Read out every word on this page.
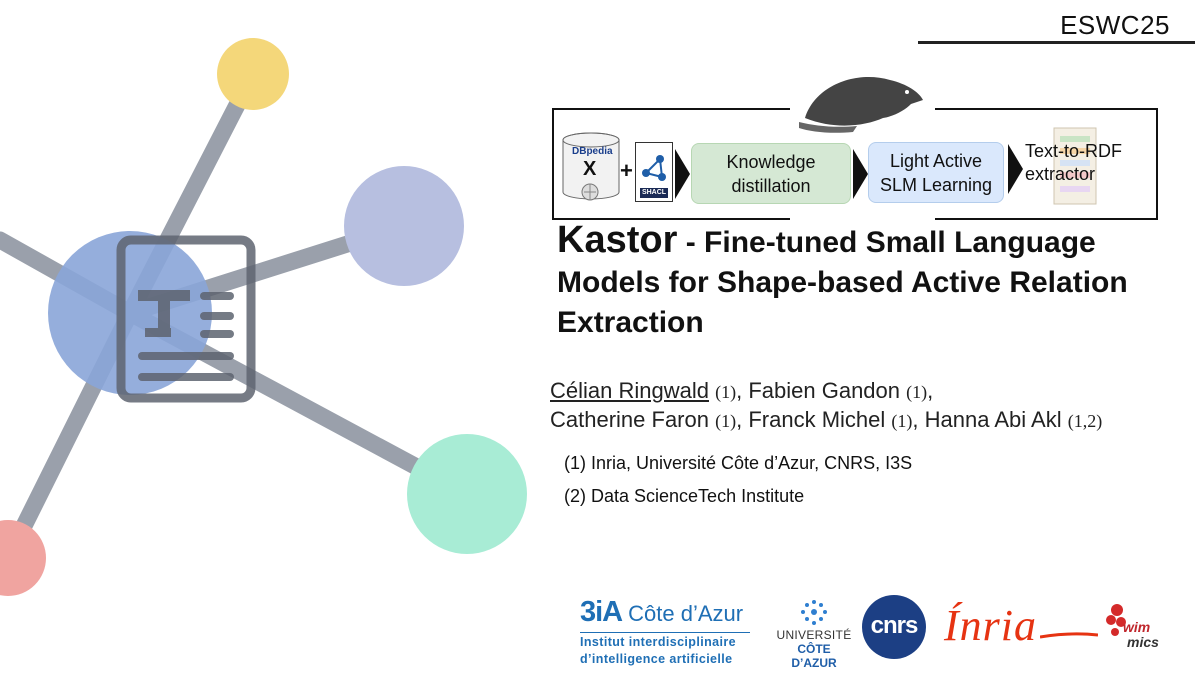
ESWC25
DBpedia
X +
SHACL
Knowledge distillation
Light Active SLM Learning
Text-to-RDF extractor
Kastor - Fine-tuned Small Language Models for Shape-based Active Relation Extraction
Célian Ringwald (1), Fabien Gandon (1),
Catherine Faron (1), Franck Michel (1), Hanna Abi Akl (1,2)
(1) Inria, Université Côte d’Azur, CNRS, I3S
(2) Data ScienceTech Institute
3iA Côte d’Azur
Institut interdisciplinaire
d’intelligence artificielle
UNIVERSITÉ
CÔTE D’AZUR
cnrs Ínria	wim
mics
